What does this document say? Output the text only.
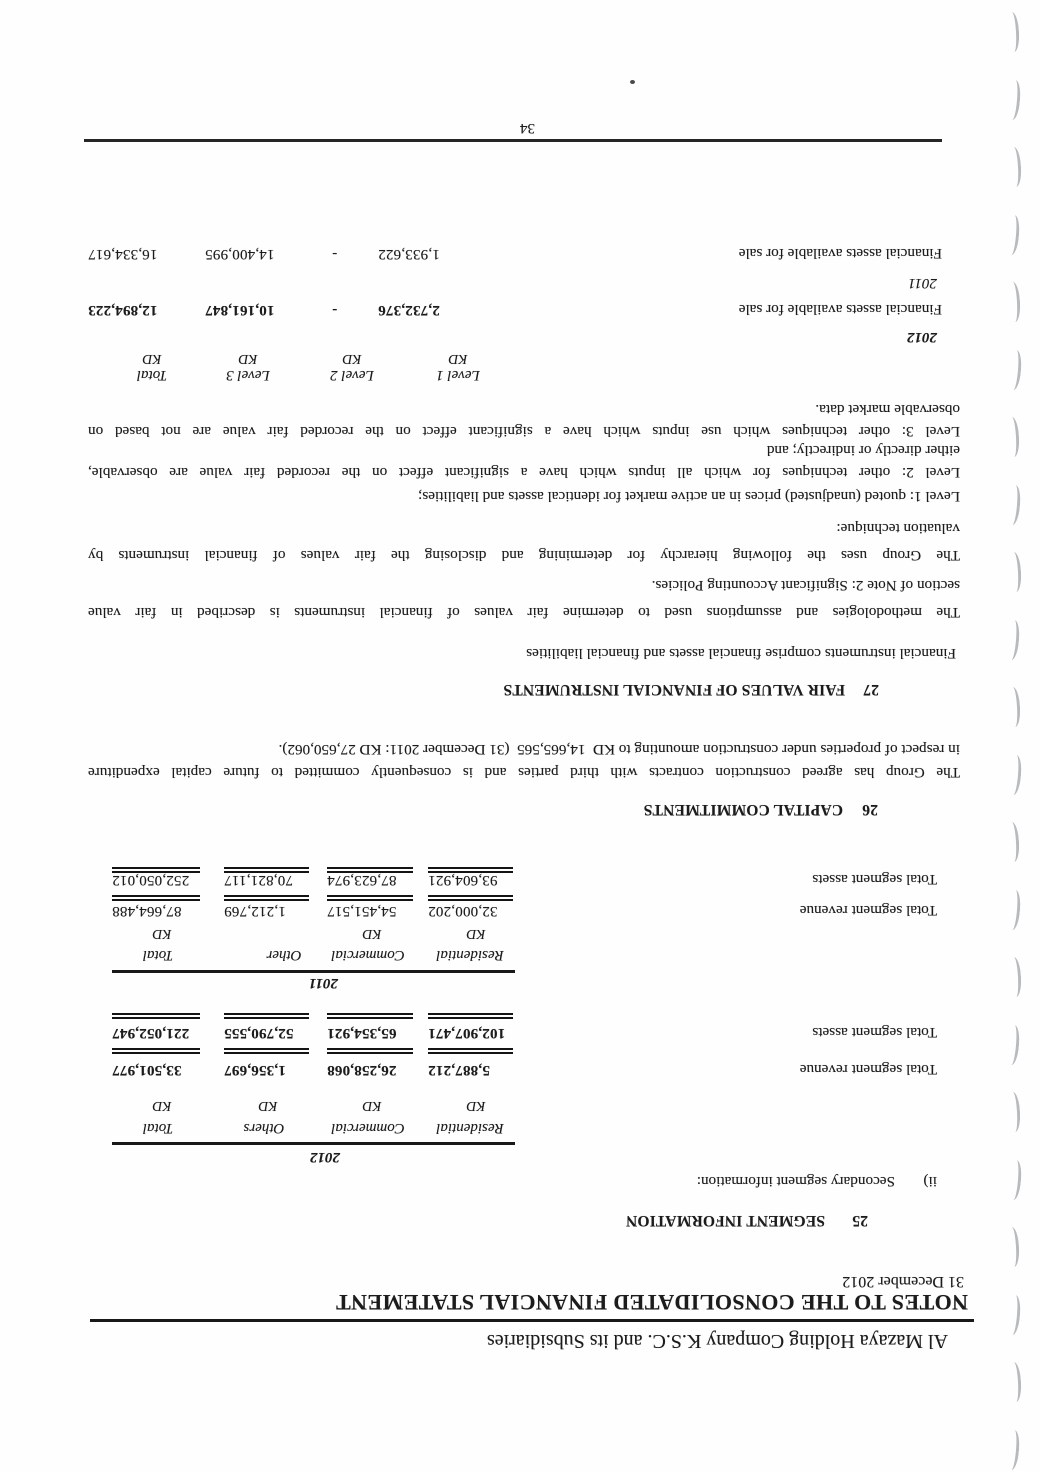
Al Mazaya Holding Company K.S.C. and its Subsidiaries
NOTES TO THE CONSOLIDATED FINANCIAL STATEMENT
31 December 2012
25
SEGMENT INFORMATION
ii)
Secondary segment information:
2012
Residential
Commercial
Others
Total
KD
KD
KD
KD
Total segment revenue
5,887,212
26,258,068
1,356,697
33,501,977
Total segment assets
102,907,471
65,354,921
52,790,555
221,052,947
2011
Residential
Commercial
Other
Total
KD
KD
KD
Total segment revenue
32,000,202
54,451,517
1,212,769
87,664,488
Total segment assets
93,604,921
87,623,974
70,821,117
252,050,012
26
CAPITAL COMMITMENTS
The Group has agreed construction contracts with third parties and is consequently committed to future capital expenditure
in respect of properties under construction amounting to KD  14,665,565  (31 December 2011: KD 27,650,062).
27
FAIR VALUES OF FINANCIAL INSTRUMENTS
Financial instruments comprise financial assets and financial liabilities
The methodologies and assumptions used to determine fair values of financial instruments is described in fair value
section of Note 2: Significant Accounting Policies.
The Group uses the following hierarchy for determining and disclosing the fair values of financial instruments by
valuation technique:
Level 1: quoted (unadjusted) prices in an active market for identical assets and liabilities;
Level 2: other techniques for which all inputs which have a significant effect on the recorded fair value are observable,
either directly or indirectly; and
Level 3: other techniques which use inputs which have a significant effect on the recorded fair value are not based on
observable market data.
Level 1
Level 2
Level 3
Total
KD
KD
KD
KD
2012
Financial assets available for sale
2,732,376
-
10,161,847
12,894,223
2011
Financial assets available for sale
1,933,622
-
14,400,995
16,334,617
34
